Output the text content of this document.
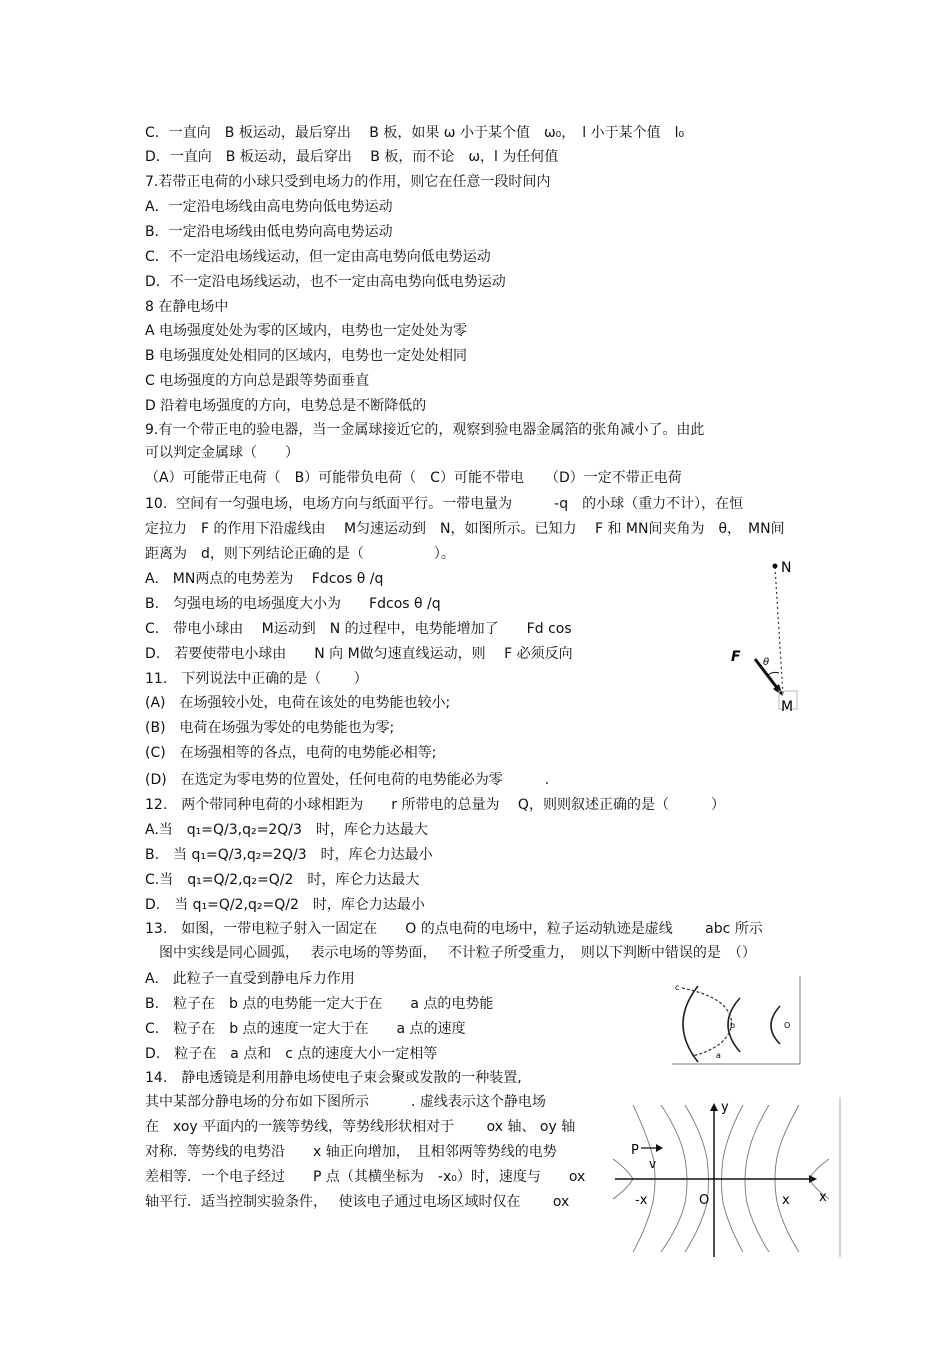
C．一直向　B 板运动，最后穿出　 B 板，如果 ω 小于某个值　ω₀，　l 小于某个值　l₀
D．一直向　B 板运动，最后穿出　 B 板，而不论　ω，l 为任何值
7.若带正电荷的小球只受到电场力的作用，则它在任意一段时间内
A．一定沿电场线由高电势向低电势运动
B．一定沿电场线由低电势向高电势运动
C．不一定沿电场线运动，但一定由高电势向低电势运动
D．不一定沿电场线运动，也不一定由高电势向低电势运动
8 在静电场中
A 电场强度处处为零的区域内，电势也一定处处为零
B 电场强度处处相同的区域内，电势也一定处处相同
C 电场强度的方向总是跟等势面垂直
D 沿着电场强度的方向，电势总是不断降低的
9.有一个带正电的验电器，当一金属球接近它的，观察到验电器金属箔的张角减小了。由此
可以判定金属球（　　）
（A）可能带正电荷（　B）可能带负电荷（　C）可能不带电　　（D）一定不带正电荷
10.  空间有一匀强电场，电场方向与纸面平行。一带电量为　　　-q　的小球（重力不计），在恒
定拉力　F 的作用下沿虚线由　 M匀速运动到　N，如图所示。已知力　 F 和 MN间夹角为　θ，　MN间
距离为　d，则下列结论正确的是（　　　　　）。
A.　MN两点的电势差为　 Fdcos θ /q
B.　匀强电场的电场强度大小为　　Fdcos θ /q
C.　带电小球由　 M运动到　N 的过程中，电势能增加了　　Fd cos
D.　若要使带电小球由　　N 向 M做匀速直线运动，则　 F 必须反向
11.　下列说法中正确的是（　　 ）
(A)　在场强较小处，电荷在该处的电势能也较小;
(B)　电荷在场强为零处的电势能也为零;
(C)　在场强相等的各点，电荷的电势能必相等;
(D)　在选定为零电势的位置处，任何电荷的电势能必为零　　　.
12.　两个带同种电荷的小球相距为　　r 所带电的总量为　 Q，则则叙述正确的是（　　　）
A.当　q₁=Q/3,q₂=2Q/3　时，库仑力达最大
B.　当 q₁=Q/3,q₂=2Q/3　时，库仑力达最小
C.当　q₁=Q/2,q₂=Q/2　时，库仑力达最大
D.　当 q₁=Q/2,q₂=Q/2　时，库仑力达最小
13.　如图，一带电粒子射入一固定在　　O 的点电荷的电场中，粒子运动轨迹是虚线　　 abc 所示
　图中实线是同心圆弧，　 表示电场的等势面，　 不计粒子所受重力，　则以下判断中错误的是　（）
A.　此粒子一直受到静电斥力作用
B.　粒子在　b 点的电势能一定大于在　　a 点的电势能
C.　粒子在　b 点的速度一定大于在　　a 点的速度
D.　粒子在　a 点和　c 点的速度大小一定相等
14.　静电透镜是利用静电场使电子束会聚或发散的一种装置,
其中某部分静电场的分布如下图所示　　　. 虚线表示这个静电场
在　xoy 平面内的一簇等势线，等势线形状相对于　　 ox 轴、 oy 轴
对称．等势线的电势沿　　x 轴正向增加，　且相邻两等势线的电势
差相等．一个电子经过　　P 点（其横坐标为　-x₀）时，速度与　　ox
轴平行．适当控制实验条件，　 使该电子通过电场区域时仅在　　 ox
N
F θ
M
c
b
a
O
y
x
x
-x	O
P
v
